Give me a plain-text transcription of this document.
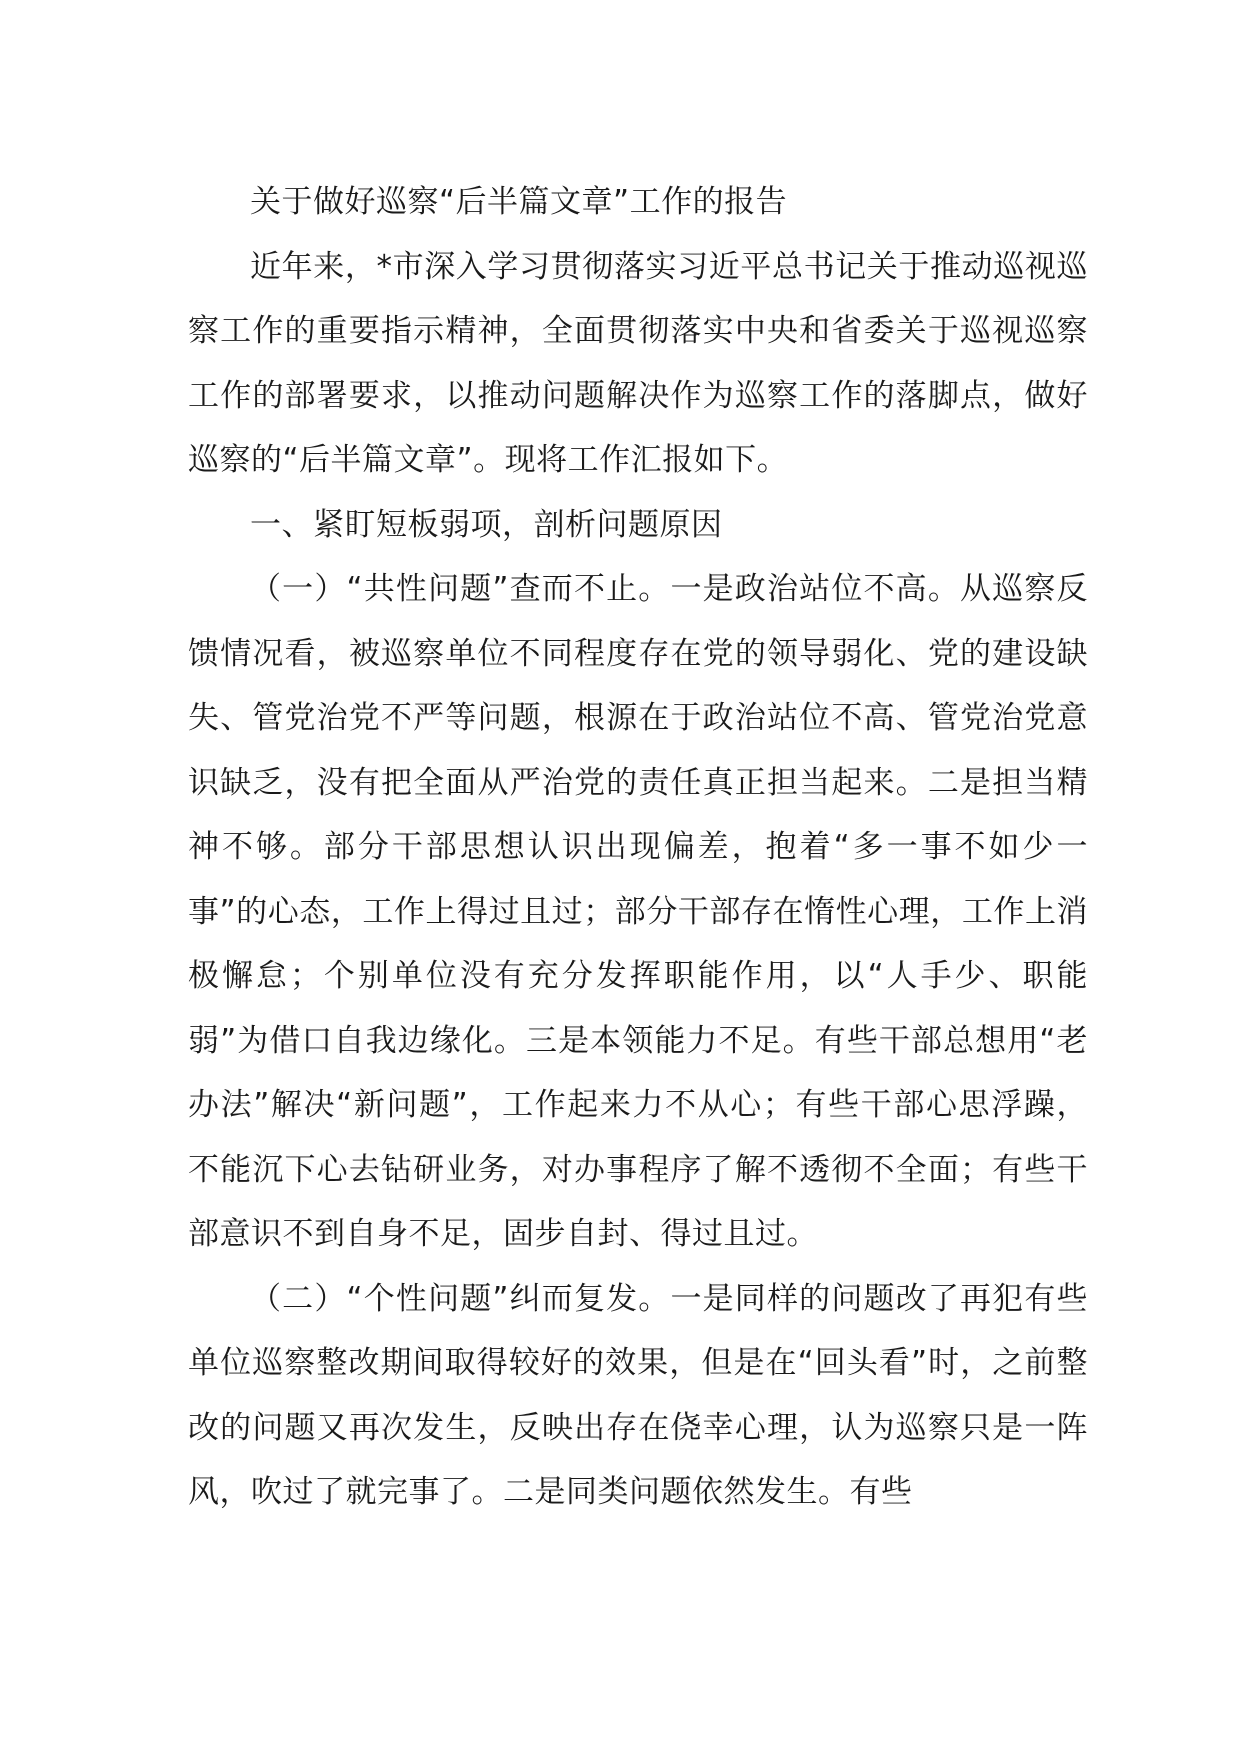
关于做好巡察“后半篇文章”工作的报告

近年来，*市深入学习贯彻落实习近平总书记关于推动巡视巡察工作的重要指示精神，全面贯彻落实中央和省委关于巡视巡察工作的部署要求，以推动问题解决作为巡察工作的落脚点，做好巡察的“后半篇文章”。现将工作汇报如下。

一、紧盯短板弱项，剖析问题原因

（一）“共性问题”查而不止。一是政治站位不高。从巡察反馈情况看，被巡察单位不同程度存在党的领导弱化、党的建设缺失、管党治党不严等问题，根源在于政治站位不高、管党治党意识缺乏，没有把全面从严治党的责任真正担当起来。二是担当精神不够。部分干部思想认识出现偏差，抱着“多一事不如少一事”的心态，工作上得过且过；部分干部存在惰性心理，工作上消极懈怠；个别单位没有充分发挥职能作用，以“人手少、职能弱”为借口自我边缘化。三是本领能力不足。有些干部总想用“老办法”解决“新问题”，工作起来力不从心；有些干部心思浮躁，不能沉下心去钻研业务，对办事程序了解不透彻不全面；有些干部意识不到自身不足，固步自封、得过且过。

（二）“个性问题”纠而复发。一是同样的问题改了再犯有些单位巡察整改期间取得较好的效果，但是在“回头看”时，之前整改的问题又再次发生，反映出存在侥幸心理，认为巡察只是一阵风，吹过了就完事了。二是同类问题依然发生。有些
